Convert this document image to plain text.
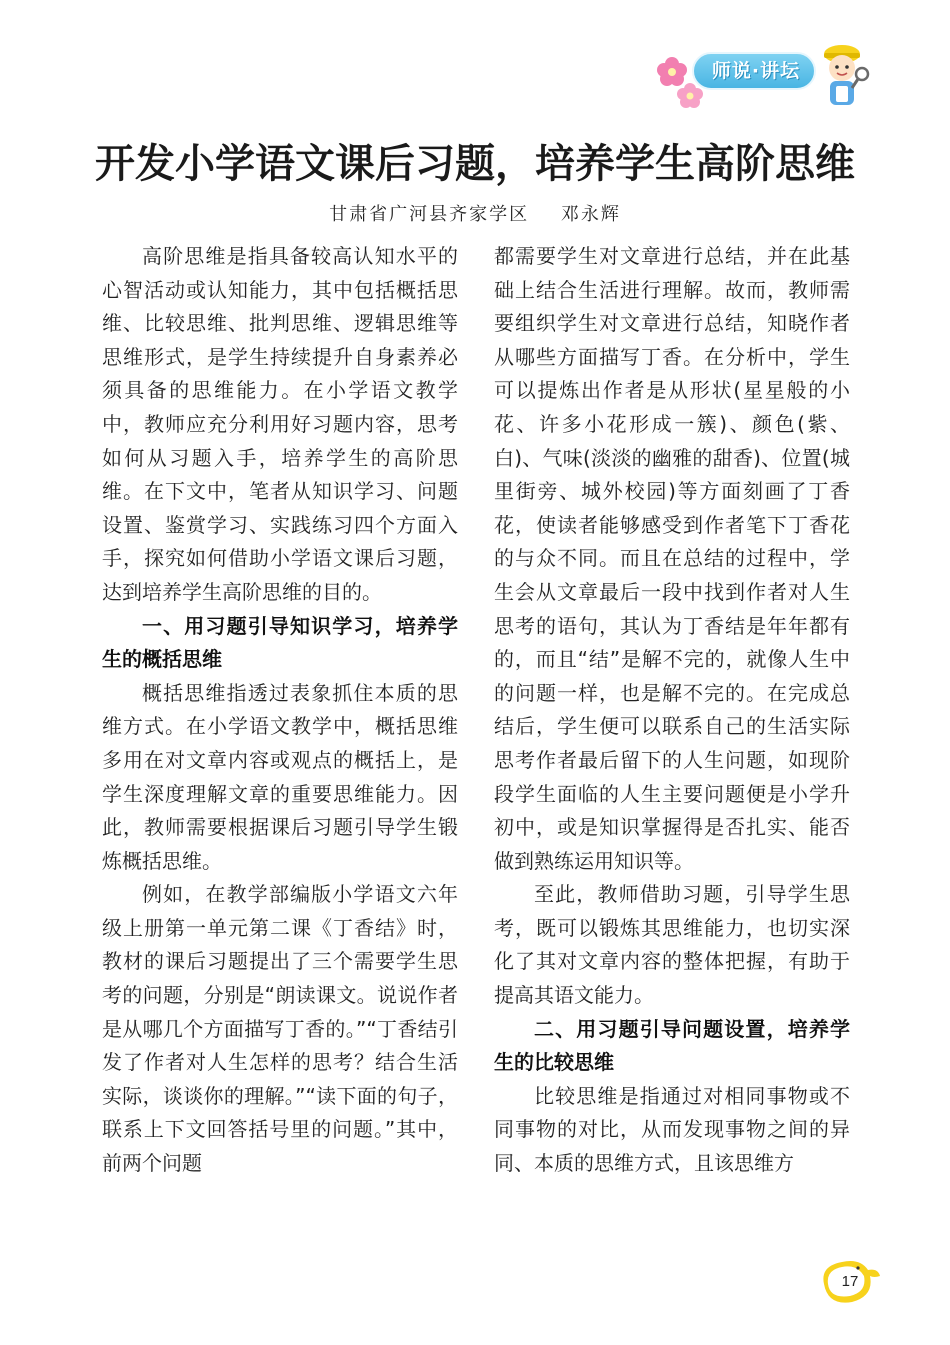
师说·讲坛
开发小学语文课后习题，培养学生高阶思维
甘肃省广河县齐家学区 邓永辉

高阶思维是指具备较高认知水平的心智活动或认知能力，其中包括概括思维、比较思维、批判思维、逻辑思维等思维形式，是学生持续提升自身素养必须具备的思维能力。在小学语文教学中，教师应充分利用好习题内容，思考如何从习题入手，培养学生的高阶思维。在下文中，笔者从知识学习、问题设置、鉴赏学习、实践练习四个方面入手，探究如何借助小学语文课后习题，达到培养学生高阶思维的目的。

一、用习题引导知识学习，培养学生的概括思维

概括思维指透过表象抓住本质的思维方式。在小学语文教学中，概括思维多用在对文章内容或观点的概括上，是学生深度理解文章的重要思维能力。因此，教师需要根据课后习题引导学生锻炼概括思维。

例如，在教学部编版小学语文六年级上册第一单元第二课《丁香结》时，教材的课后习题提出了三个需要学生思考的问题，分别是“朗读课文。说说作者是从哪几个方面描写丁香的。”“丁香结引发了作者对人生怎样的思考？结合生活实际，谈谈你的理解。”“读下面的句子，联系上下文回答括号里的问题。”其中，前两个问题

都需要学生对文章进行总结，并在此基础上结合生活进行理解。故而，教师需要组织学生对文章进行总结，知晓作者从哪些方面描写丁香。在分析中，学生可以提炼出作者是从形状(星星般的小花、许多小花形成一簇)、颜色(紫、白)、气味(淡淡的幽雅的甜香)、位置(城里街旁、城外校园)等方面刻画了丁香花，使读者能够感受到作者笔下丁香花的与众不同。而且在总结的过程中，学生会从文章最后一段中找到作者对人生思考的语句，其认为丁香结是年年都有的，而且“结”是解不完的，就像人生中的问题一样，也是解不完的。在完成总结后，学生便可以联系自己的生活实际思考作者最后留下的人生问题，如现阶段学生面临的人生主要问题便是小学升初中，或是知识掌握得是否扎实、能否做到熟练运用知识等。

至此，教师借助习题，引导学生思考，既可以锻炼其思维能力，也切实深化了其对文章内容的整体把握，有助于提高其语文能力。

二、用习题引导问题设置，培养学生的比较思维

比较思维是指通过对相同事物或不同事物的对比，从而发现事物之间的异同、本质的思维方式，且该思维方

17
